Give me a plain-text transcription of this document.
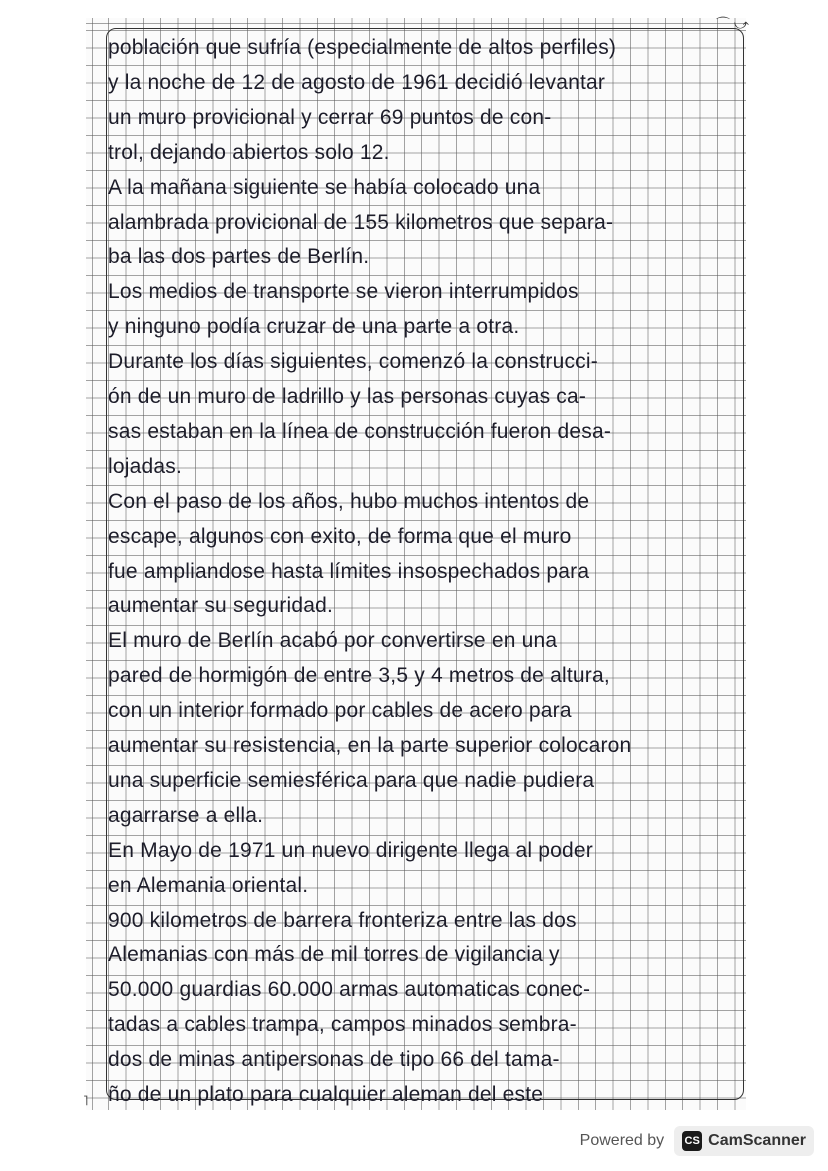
⌒ ⤻
˥
población que sufría (especialmente de altos perfiles)
y la noche de 12 de agosto de 1961 decidió levantar
un muro provicional y cerrar 69 puntos de con-
trol, dejando abiertos solo 12.
A la mañana siguiente se había colocado una
alambrada provicional de 155 kilometros que separa-
ba las dos partes de Berlín.
Los medios de transporte se vieron interrumpidos
y ninguno podía cruzar de una parte a otra.
Durante los días siguientes, comenzó la construcci-
ón de un muro de ladrillo y las personas cuyas ca-
sas estaban en la línea de construcción fueron desa-
lojadas.
Con el paso de los años, hubo muchos intentos de
escape, algunos con exito, de forma que el muro
fue ampliandose hasta límites insospechados para
aumentar su seguridad.
El muro de Berlín acabó por convertirse en una
pared de hormigón de entre 3,5 y 4 metros de altura,
con un interior formado por cables de acero para
aumentar su resistencia, en la parte superior colocaron
una superficie semiesférica para que nadie pudiera
agarrarse a ella.
En Mayo de 1971 un nuevo dirigente llega al poder
en Alemania oriental.
900 kilometros de barrera fronteriza entre las dos
Alemanias con más de mil torres de vigilancia y
50.000 guardias 60.000 armas automaticas conec-
tadas a cables trampa, campos minados sembra-
dos de minas antipersonas de tipo 66 del tama-
ño de un plato para cualquier aleman del este
Powered by CS CamScanner
